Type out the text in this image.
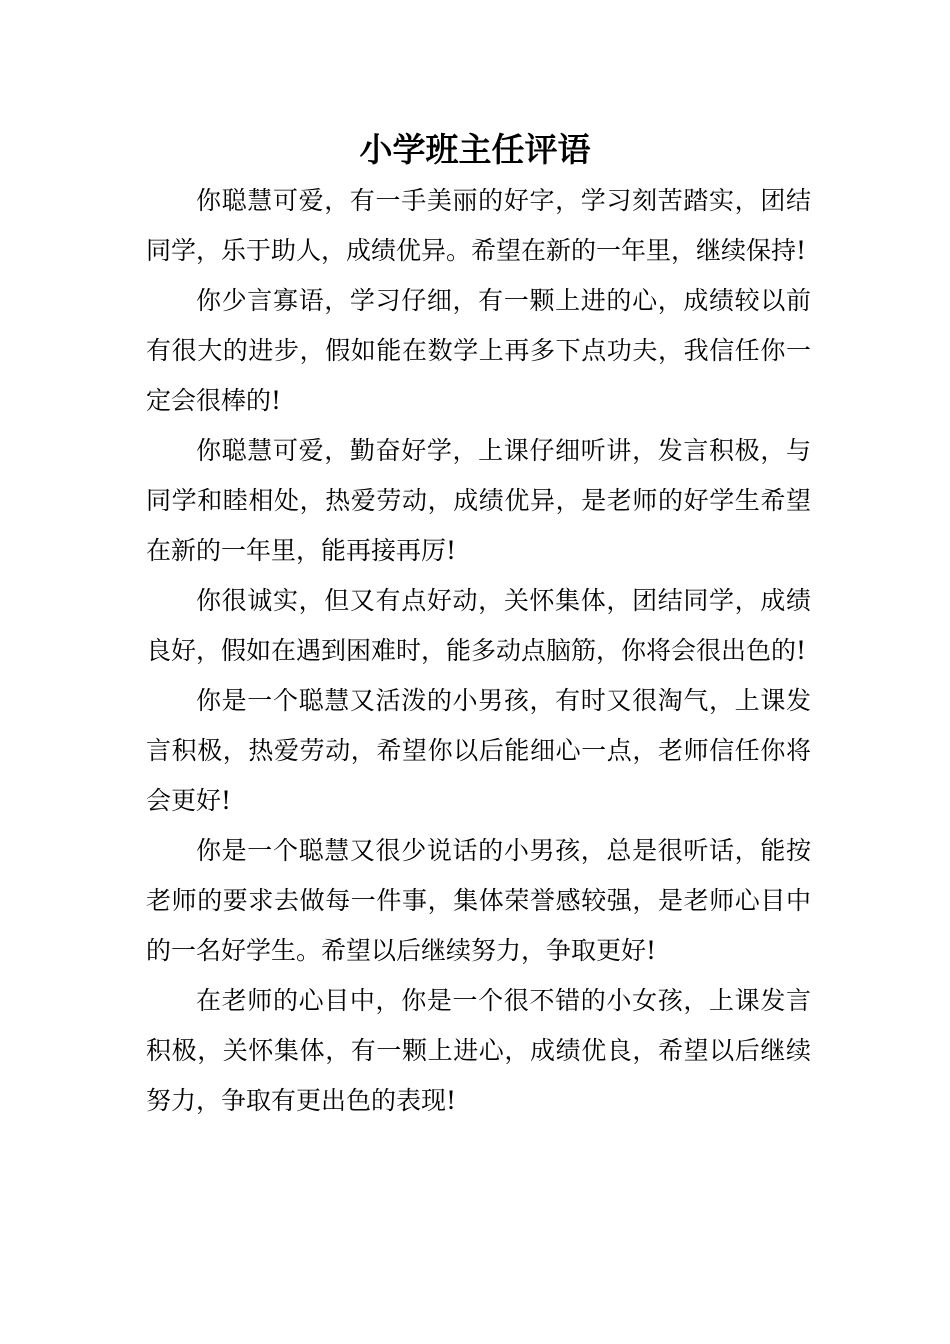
小学班主任评语

你聪慧可爱，有一手美丽的好字，学习刻苦踏实，团结同学，乐于助人，成绩优异。希望在新的一年里，继续保持!

你少言寡语，学习仔细，有一颗上进的心，成绩较以前有很大的进步，假如能在数学上再多下点功夫，我信任你一定会很棒的!

你聪慧可爱，勤奋好学，上课仔细听讲，发言积极，与同学和睦相处，热爱劳动，成绩优异，是老师的好学生希望在新的一年里，能再接再厉!

你很诚实，但又有点好动，关怀集体，团结同学，成绩良好，假如在遇到困难时，能多动点脑筋，你将会很出色的!

你是一个聪慧又活泼的小男孩，有时又很淘气，上课发言积极，热爱劳动，希望你以后能细心一点，老师信任你将会更好!

你是一个聪慧又很少说话的小男孩，总是很听话，能按老师的要求去做每一件事，集体荣誉感较强，是老师心目中的一名好学生。希望以后继续努力，争取更好!

在老师的心目中，你是一个很不错的小女孩，上课发言积极，关怀集体，有一颗上进心，成绩优良，希望以后继续努力，争取有更出色的表现!
